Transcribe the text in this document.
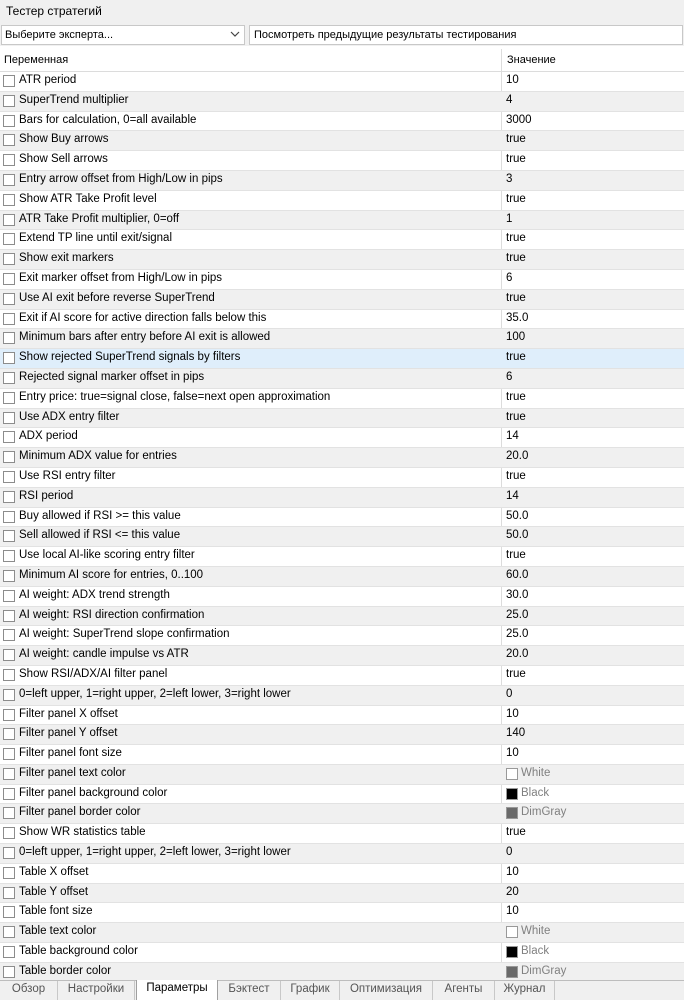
Тестер стратегий
Выберите эксперта...	Посмотреть предыдущие результаты тестирования
Переменная	Значение
ATR period	10
SuperTrend multiplier	4
Bars for calculation, 0=all available	3000
Show Buy arrows	true
Show Sell arrows	true
Entry arrow offset from High/Low in pips	3
Show ATR Take Profit level	true
ATR Take Profit multiplier, 0=off	1
Extend TP line until exit/signal	true
Show exit markers	true
Exit marker offset from High/Low in pips	6
Use AI exit before reverse SuperTrend	true
Exit if AI score for active direction falls below this	35.0
Minimum bars after entry before AI exit is allowed	100
Show rejected SuperTrend signals by filters	true
Rejected signal marker offset in pips	6
Entry price: true=signal close, false=next open approximation	true
Use ADX entry filter	true
ADX period	14
Minimum ADX value for entries	20.0
Use RSI entry filter	true
RSI period	14
Buy allowed if RSI >= this value	50.0
Sell allowed if RSI <= this value	50.0
Use local AI-like scoring entry filter	true
Minimum AI score for entries, 0..100	60.0
AI weight: ADX trend strength	30.0
AI weight: RSI direction confirmation	25.0
AI weight: SuperTrend slope confirmation	25.0
AI weight: candle impulse vs ATR	20.0
Show RSI/ADX/AI filter panel	true
0=left upper, 1=right upper, 2=left lower, 3=right lower	0
Filter panel X offset	10
Filter panel Y offset	140
Filter panel font size	10
Filter panel text color	White
Filter panel background color	Black
Filter panel border color	DimGray
Show WR statistics table	true
0=left upper, 1=right upper, 2=left lower, 3=right lower	0
Table X offset	10
Table Y offset	20
Table font size	10
Table text color	White
Table background color	Black
Table border color	DimGray
Обзор	Настройки	Параметры	Бэктест	График	Оптимизация	Агенты	Журнал
